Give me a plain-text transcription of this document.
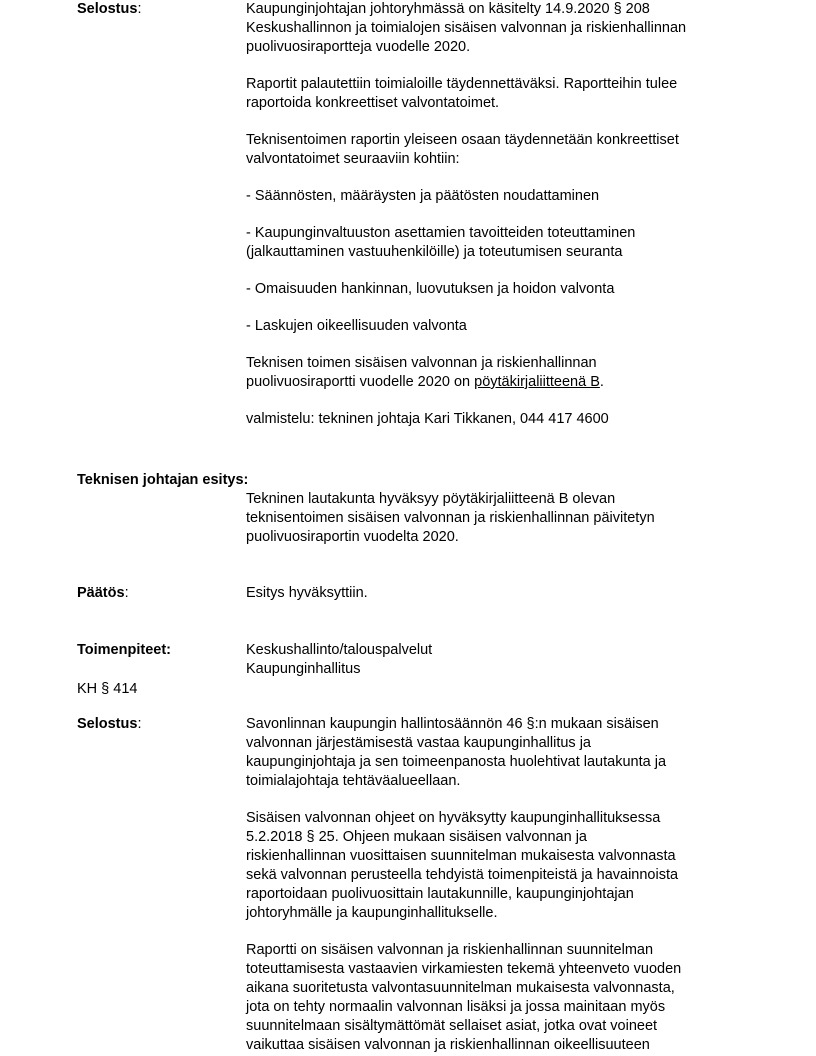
Selostus:	Kaupunginjohtajan johtoryhmässä on käsitelty 14.9.2020 § 208
Keskushallinnon ja toimialojen sisäisen valvonnan ja riskienhallinnan
puolivuosiraportteja vuodelle 2020.

Raportit palautettiin toimialoille täydennettäväksi. Raportteihin tulee
raportoida konkreettiset valvontatoimet.

Teknisentoimen raportin yleiseen osaan täydennetään konkreettiset
valvontatoimet seuraaviin kohtiin:

- Säännösten, määräysten ja päätösten noudattaminen

- Kaupunginvaltuuston asettamien tavoitteiden toteuttaminen
(jalkauttaminen vastuuhenkilöille) ja toteutumisen seuranta

- Omaisuuden hankinnan, luovutuksen ja hoidon valvonta

- Laskujen oikeellisuuden valvonta

Teknisen toimen sisäisen valvonnan ja riskienhallinnan
puolivuosiraportti vuodelle 2020 on pöytäkirjaliitteenä B.

valmistelu: tekninen johtaja Kari Tikkanen, 044 417 4600

Teknisen johtajan esitys:
Tekninen lautakunta hyväksyy pöytäkirjaliitteenä B olevan
teknisentoimen sisäisen valvonnan ja riskienhallinnan päivitetyn
puolivuosiraportin vuodelta 2020.
Päätös:	Esitys hyväksyttiin.
Toimenpiteet:	Keskushallinto/talouspalvelut
Kaupunginhallitus
KH § 414
Selostus:	Savonlinnan kaupungin hallintosäännön 46 §:n mukaan sisäisen
valvonnan järjestämisestä vastaa kaupunginhallitus ja
kaupunginjohtaja ja sen toimeenpanosta huolehtivat lautakunta ja
toimialajohtaja tehtäväalueellaan.

Sisäisen valvonnan ohjeet on hyväksytty kaupunginhallituksessa
5.2.2018 § 25. Ohjeen mukaan sisäisen valvonnan ja
riskienhallinnan vuosittaisen suunnitelman mukaisesta valvonnasta
sekä valvonnan perusteella tehdyistä toimenpiteistä ja havainnoista
raportoidaan puolivuosittain lautakunnille, kaupunginjohtajan
johtoryhmälle ja kaupunginhallitukselle.

Raportti on sisäisen valvonnan ja riskienhallinnan suunnitelman
toteuttamisesta vastaavien virkamiesten tekemä yhteenveto vuoden
aikana suoritetusta valvontasuunnitelman mukaisesta valvonnasta,
jota on tehty normaalin valvonnan lisäksi ja jossa mainitaan myös
suunnitelmaan sisältymättömät sellaiset asiat, jotka ovat voineet
vaikuttaa sisäisen valvonnan ja riskienhallinnan oikeellisuuteen
